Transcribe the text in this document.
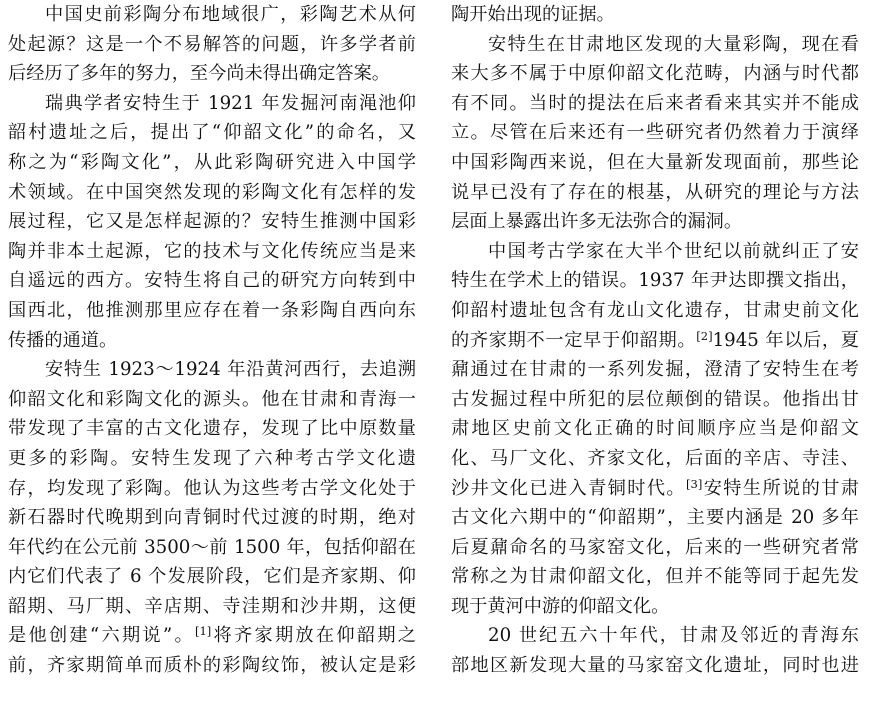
中国史前彩陶分布地域很广，彩陶艺术从何
处起源？这是一个不易解答的问题，许多学者前
后经历了多年的努力，至今尚未得出确定答案。
瑞典学者安特生于 1921 年发掘河南渑池仰
韶村遗址之后，提出了“仰韶文化”的命名，又
称之为“彩陶文化”，从此彩陶研究进入中国学
术领域。在中国突然发现的彩陶文化有怎样的发
展过程，它又是怎样起源的？安特生推测中国彩
陶并非本土起源，它的技术与文化传统应当是来
自遥远的西方。安特生将自己的研究方向转到中
国西北，他推测那里应存在着一条彩陶自西向东
传播的通道。
安特生 1923～1924 年沿黄河西行，去追溯
仰韶文化和彩陶文化的源头。他在甘肃和青海一
带发现了丰富的古文化遗存，发现了比中原数量
更多的彩陶。安特生发现了六种考古学文化遗
存，均发现了彩陶。他认为这些考古学文化处于
新石器时代晚期到向青铜时代过渡的时期，绝对
年代约在公元前 3500～前 1500 年，包括仰韶在
内它们代表了 6 个发展阶段，它们是齐家期、仰
韶期、马厂期、辛店期、寺洼期和沙井期，这便
是他创建“六期说”。[1]将齐家期放在仰韶期之
前，齐家期简单而质朴的彩陶纹饰，被认定是彩
陶开始出现的证据。
安特生在甘肃地区发现的大量彩陶，现在看
来大多不属于中原仰韶文化范畴，内涵与时代都
有不同。当时的提法在后来者看来其实并不能成
立。尽管在后来还有一些研究者仍然着力于演绎
中国彩陶西来说，但在大量新发现面前，那些论
说早已没有了存在的根基，从研究的理论与方法
层面上暴露出许多无法弥合的漏洞。
中国考古学家在大半个世纪以前就纠正了安
特生在学术上的错误。1937 年尹达即撰文指出，
仰韶村遗址包含有龙山文化遗存，甘肃史前文化
的齐家期不一定早于仰韶期。[2]1945 年以后，夏
鼐通过在甘肃的一系列发掘，澄清了安特生在考
古发掘过程中所犯的层位颠倒的错误。他指出甘
肃地区史前文化正确的时间顺序应当是仰韶文
化、马厂文化、齐家文化，后面的辛店、寺洼、
沙井文化已进入青铜时代。[3]安特生所说的甘肃
古文化六期中的“仰韶期”，主要内涵是 20 多年
后夏鼐命名的马家窑文化，后来的一些研究者常
常称之为甘肃仰韶文化，但并不能等同于起先发
现于黄河中游的仰韶文化。
20 世纪五六十年代，甘肃及邻近的青海东
部地区新发现大量的马家窑文化遗址，同时也进
